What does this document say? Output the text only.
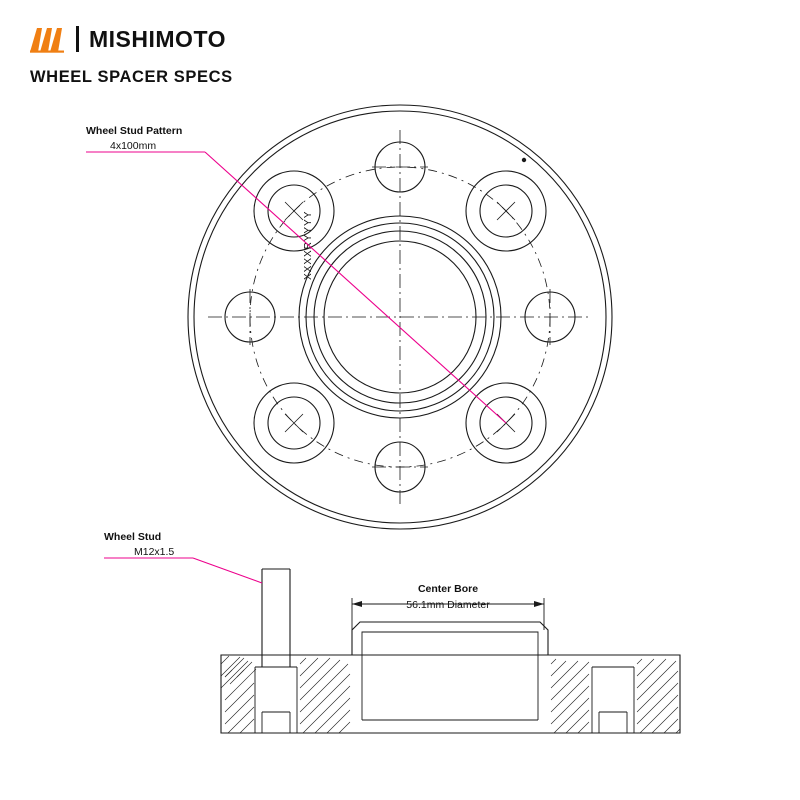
MISHIMOTO
WHEEL SPACER SPECS
Wheel Stud Pattern
4x100mm
Wheel Stud
M12x1.5
Center Bore
56.1mm Diameter
XXXXRYYYY
